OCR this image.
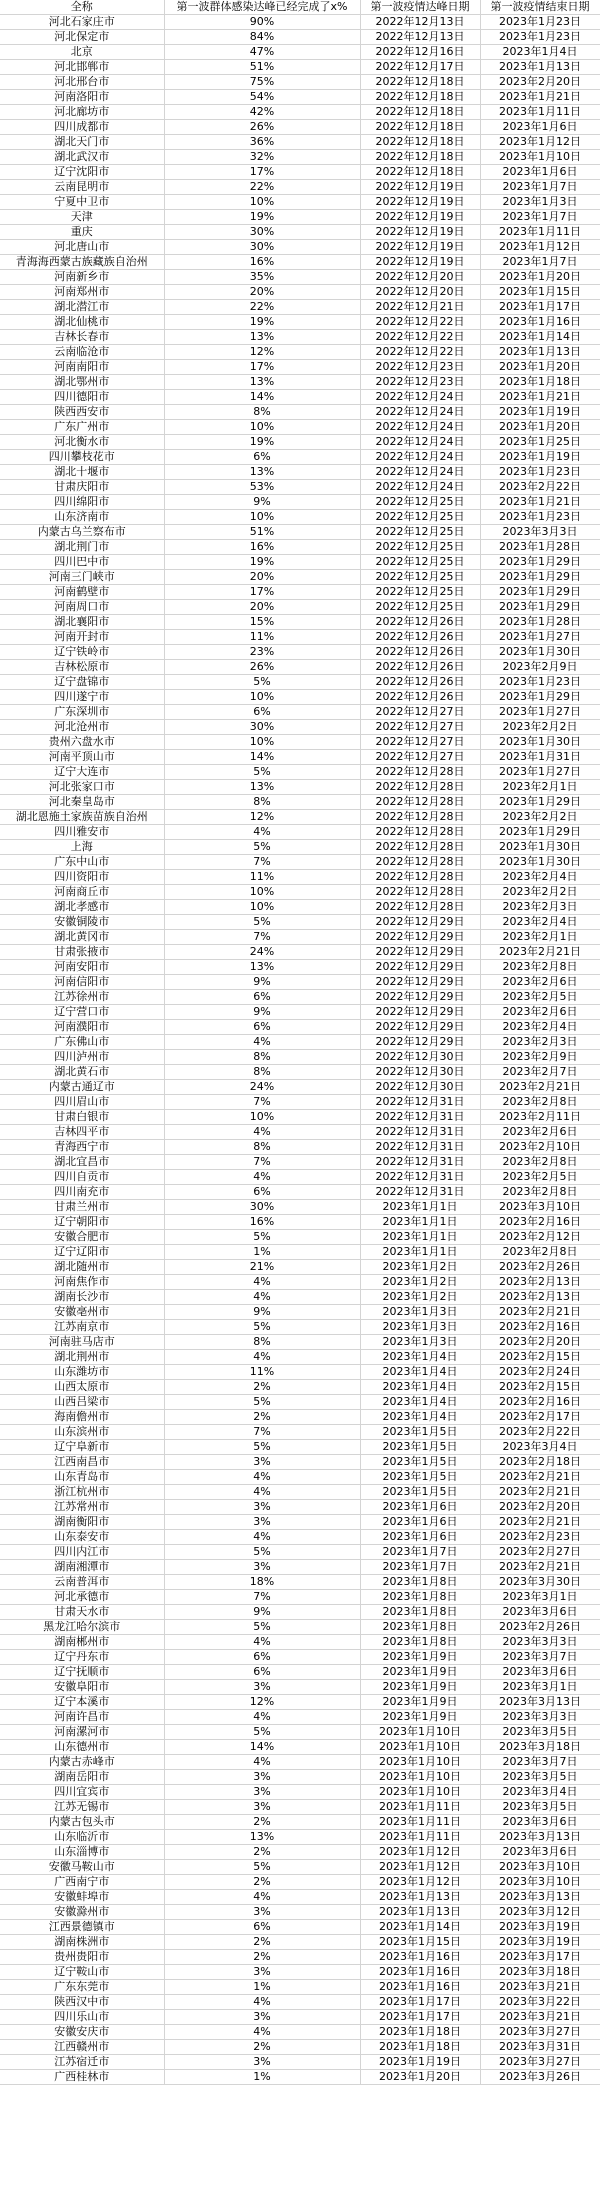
全称	第一波群体感染达峰已经完成了x%	第一波疫情达峰日期	第一波疫情结束日期
河北石家庄市	90%	2022年12月13日	2023年1月23日
河北保定市	84%	2022年12月13日	2023年1月23日
北京	47%	2022年12月16日	2023年1月4日
河北邯郸市	51%	2022年12月17日	2023年1月13日
河北邢台市	75%	2022年12月18日	2023年2月20日
河南洛阳市	54%	2022年12月18日	2023年1月21日
河北廊坊市	42%	2022年12月18日	2023年1月11日
四川成都市	26%	2022年12月18日	2023年1月6日
湖北天门市	36%	2022年12月18日	2023年1月12日
湖北武汉市	32%	2022年12月18日	2023年1月10日
辽宁沈阳市	17%	2022年12月18日	2023年1月6日
云南昆明市	22%	2022年12月19日	2023年1月7日
宁夏中卫市	10%	2022年12月19日	2023年1月3日
天津	19%	2022年12月19日	2023年1月7日
重庆	30%	2022年12月19日	2023年1月11日
河北唐山市	30%	2022年12月19日	2023年1月12日
青海海西蒙古族藏族自治州	16%	2022年12月19日	2023年1月7日
河南新乡市	35%	2022年12月20日	2023年1月20日
河南郑州市	20%	2022年12月20日	2023年1月15日
湖北潜江市	22%	2022年12月21日	2023年1月17日
湖北仙桃市	19%	2022年12月22日	2023年1月16日
吉林长春市	13%	2022年12月22日	2023年1月14日
云南临沧市	12%	2022年12月22日	2023年1月13日
河南南阳市	17%	2022年12月23日	2023年1月20日
湖北鄂州市	13%	2022年12月23日	2023年1月18日
四川德阳市	14%	2022年12月24日	2023年1月21日
陕西西安市	8%	2022年12月24日	2023年1月19日
广东广州市	10%	2022年12月24日	2023年1月20日
河北衡水市	19%	2022年12月24日	2023年1月25日
四川攀枝花市	6%	2022年12月24日	2023年1月19日
湖北十堰市	13%	2022年12月24日	2023年1月23日
甘肃庆阳市	53%	2022年12月24日	2023年2月22日
四川绵阳市	9%	2022年12月25日	2023年1月21日
山东济南市	10%	2022年12月25日	2023年1月23日
内蒙古乌兰察布市	51%	2022年12月25日	2023年3月3日
湖北荆门市	16%	2022年12月25日	2023年1月28日
四川巴中市	19%	2022年12月25日	2023年1月29日
河南三门峡市	20%	2022年12月25日	2023年1月29日
河南鹤壁市	17%	2022年12月25日	2023年1月29日
河南周口市	20%	2022年12月25日	2023年1月29日
湖北襄阳市	15%	2022年12月26日	2023年1月28日
河南开封市	11%	2022年12月26日	2023年1月27日
辽宁铁岭市	23%	2022年12月26日	2023年1月30日
吉林松原市	26%	2022年12月26日	2023年2月9日
辽宁盘锦市	5%	2022年12月26日	2023年1月23日
四川遂宁市	10%	2022年12月26日	2023年1月29日
广东深圳市	6%	2022年12月27日	2023年1月27日
河北沧州市	30%	2022年12月27日	2023年2月2日
贵州六盘水市	10%	2022年12月27日	2023年1月30日
河南平顶山市	14%	2022年12月27日	2023年1月31日
辽宁大连市	5%	2022年12月28日	2023年1月27日
河北张家口市	13%	2022年12月28日	2023年2月1日
河北秦皇岛市	8%	2022年12月28日	2023年1月29日
湖北恩施土家族苗族自治州	12%	2022年12月28日	2023年2月2日
四川雅安市	4%	2022年12月28日	2023年1月29日
上海	5%	2022年12月28日	2023年1月30日
广东中山市	7%	2022年12月28日	2023年1月30日
四川资阳市	11%	2022年12月28日	2023年2月4日
河南商丘市	10%	2022年12月28日	2023年2月2日
湖北孝感市	10%	2022年12月28日	2023年2月3日
安徽铜陵市	5%	2022年12月29日	2023年2月4日
湖北黄冈市	7%	2022年12月29日	2023年2月1日
甘肃张掖市	24%	2022年12月29日	2023年2月21日
河南安阳市	13%	2022年12月29日	2023年2月8日
河南信阳市	9%	2022年12月29日	2023年2月6日
江苏徐州市	6%	2022年12月29日	2023年2月5日
辽宁营口市	9%	2022年12月29日	2023年2月6日
河南濮阳市	6%	2022年12月29日	2023年2月4日
广东佛山市	4%	2022年12月29日	2023年2月3日
四川泸州市	8%	2022年12月30日	2023年2月9日
湖北黄石市	8%	2022年12月30日	2023年2月7日
内蒙古通辽市	24%	2022年12月30日	2023年2月21日
四川眉山市	7%	2022年12月31日	2023年2月8日
甘肃白银市	10%	2022年12月31日	2023年2月11日
吉林四平市	4%	2022年12月31日	2023年2月6日
青海西宁市	8%	2022年12月31日	2023年2月10日
湖北宜昌市	7%	2022年12月31日	2023年2月8日
四川自贡市	4%	2022年12月31日	2023年2月5日
四川南充市	6%	2022年12月31日	2023年2月8日
甘肃兰州市	30%	2023年1月1日	2023年3月10日
辽宁朝阳市	16%	2023年1月1日	2023年2月16日
安徽合肥市	5%	2023年1月1日	2023年2月12日
辽宁辽阳市	1%	2023年1月1日	2023年2月8日
湖北随州市	21%	2023年1月2日	2023年2月26日
河南焦作市	4%	2023年1月2日	2023年2月13日
湖南长沙市	4%	2023年1月2日	2023年2月13日
安徽亳州市	9%	2023年1月3日	2023年2月21日
江苏南京市	5%	2023年1月3日	2023年2月16日
河南驻马店市	8%	2023年1月3日	2023年2月20日
湖北荆州市	4%	2023年1月4日	2023年2月15日
山东潍坊市	11%	2023年1月4日	2023年2月24日
山西太原市	2%	2023年1月4日	2023年2月15日
山西吕梁市	5%	2023年1月4日	2023年2月16日
海南儋州市	2%	2023年1月4日	2023年2月17日
山东滨州市	7%	2023年1月5日	2023年2月22日
辽宁阜新市	5%	2023年1月5日	2023年3月4日
江西南昌市	3%	2023年1月5日	2023年2月18日
山东青岛市	4%	2023年1月5日	2023年2月21日
浙江杭州市	4%	2023年1月5日	2023年2月21日
江苏常州市	3%	2023年1月6日	2023年2月20日
湖南衡阳市	3%	2023年1月6日	2023年2月21日
山东泰安市	4%	2023年1月6日	2023年2月23日
四川内江市	5%	2023年1月7日	2023年2月27日
湖南湘潭市	3%	2023年1月7日	2023年2月21日
云南普洱市	18%	2023年1月8日	2023年3月30日
河北承德市	7%	2023年1月8日	2023年3月1日
甘肃天水市	9%	2023年1月8日	2023年3月6日
黑龙江哈尔滨市	5%	2023年1月8日	2023年2月26日
湖南郴州市	4%	2023年1月8日	2023年3月3日
辽宁丹东市	6%	2023年1月9日	2023年3月7日
辽宁抚顺市	6%	2023年1月9日	2023年3月6日
安徽阜阳市	3%	2023年1月9日	2023年3月1日
辽宁本溪市	12%	2023年1月9日	2023年3月13日
河南许昌市	4%	2023年1月9日	2023年3月3日
河南漯河市	5%	2023年1月10日	2023年3月5日
山东德州市	14%	2023年1月10日	2023年3月18日
内蒙古赤峰市	4%	2023年1月10日	2023年3月7日
湖南岳阳市	3%	2023年1月10日	2023年3月5日
四川宜宾市	3%	2023年1月10日	2023年3月4日
江苏无锡市	3%	2023年1月11日	2023年3月5日
内蒙古包头市	2%	2023年1月11日	2023年3月6日
山东临沂市	13%	2023年1月11日	2023年3月13日
山东淄博市	2%	2023年1月12日	2023年3月6日
安徽马鞍山市	5%	2023年1月12日	2023年3月10日
广西南宁市	2%	2023年1月12日	2023年3月10日
安徽蚌埠市	4%	2023年1月13日	2023年3月13日
安徽滁州市	3%	2023年1月13日	2023年3月12日
江西景德镇市	6%	2023年1月14日	2023年3月19日
湖南株洲市	2%	2023年1月15日	2023年3月19日
贵州贵阳市	2%	2023年1月16日	2023年3月17日
辽宁鞍山市	3%	2023年1月16日	2023年3月18日
广东东莞市	1%	2023年1月16日	2023年3月21日
陕西汉中市	4%	2023年1月17日	2023年3月22日
四川乐山市	3%	2023年1月17日	2023年3月21日
安徽安庆市	4%	2023年1月18日	2023年3月27日
江西赣州市	2%	2023年1月18日	2023年3月31日
江苏宿迁市	3%	2023年1月19日	2023年3月27日
广西桂林市	1%	2023年1月20日	2023年3月26日
